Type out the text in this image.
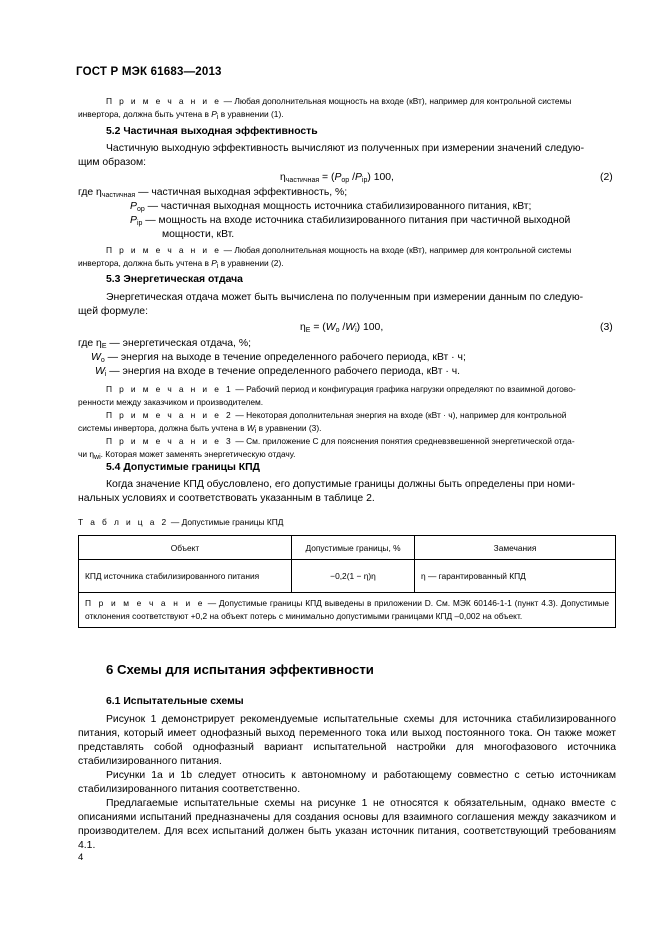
ГОСТ Р МЭК 61683—2013
П р и м е ч а н и е — Любая дополнительная мощность на входе (кВт), например для контрольной системы
инвертора, должна быть учтена в $P_i$ в уравнении (1).
5.2 Частичная выходная эффективность
Частичную выходную эффективность вычисляют из полученных при измерении значений следую-
щим образом:
$\eta_{частичная} = (P_{op}$ $/P_{ip}$) 100,	(2)
где $\eta_{частичная}$ — частичная выходная эффективность, %;
$P_{op}$ — частичная выходная мощность источника стабилизированного питания, кВт;
$P_{ip}$ — мощность на входе источника стабилизированного питания при частичной выходной
мощности, кВт.
П р и м е ч а н и е — Любая дополнительная мощность на входе (кВт), например для контрольной системы
инвертора, должна быть учтена в $P_i$ в уравнении (2).
5.3 Энергетическая отдача
Энергетическая отдача может быть вычислена по полученным при измерении данным по следую-
щей формуле:
$\eta_E = (W_o$ $/W_i$) 100,	(3)
где $\eta_E$ — энергетическая отдача, %;
$W_o$ — энергия на выходе в течение определенного рабочего периода, кВт · ч;
$W_i$ — энергия на входе в течение определенного рабочего периода, кВт · ч.
П р и м е ч а н и е 1 — Рабочий период и конфигурация графика нагрузки определяют по взаимной догово-
ренности между заказчиком и производителем.
П р и м е ч а н и е 2 — Некоторая дополнительная энергия на входе (кВт · ч), например для контрольной
системы инвертора, должна быть учтена в $W_i$ в уравнении (3).
П р и м е ч а н и е 3 — См. приложение С для пояснения понятия средневзвешенной энергетической отда-
чи $\eta_{wi}$. Которая может заменять энергетическую отдачу.
5.4 Допустимые границы КПД
Когда значение КПД обусловлено, его допустимые границы должны быть определены при номи-
нальных условиях и соответствовать указанным в таблице 2.
Т а б л и ц а 2 — Допустимые границы КПД
Объект	Допустимые границы, %	Замечания
КПД источника стабилизированного питания	−0,2(1 − η)η	η — гарантированный КПД
П р и м е ч а н и е — Допустимые границы КПД выведены в приложении D. См. МЭК 60146-1-1 (пункт 4.3). Допустимые отклонения соответствуют +0,2 на объект потерь с минимально допустимыми границами КПД –0,002 на объект.		
6 Схемы для испытания эффективности
6.1 Испытательные схемы
Рисунок 1 демонстрирует рекомендуемые испытательные схемы для источника стабилизированного питания, который имеет однофазный выход переменного тока или выход постоянного тока. Он также может представлять собой однофазный вариант испытательной настройки для многофазового источника стабилизированного питания.
Рисунки 1a и 1b следует относить к автономному и работающему совместно с сетью источникам стабилизированного питания соответственно.
Предлагаемые испытательные схемы на рисунке 1 не относятся к обязательным, однако вместе с описаниями испытаний предназначены для создания основы для взаимного соглашения между заказчиком и производителем. Для всех испытаний должен быть указан источник питания, соответствующий требованиям 4.1.
4
